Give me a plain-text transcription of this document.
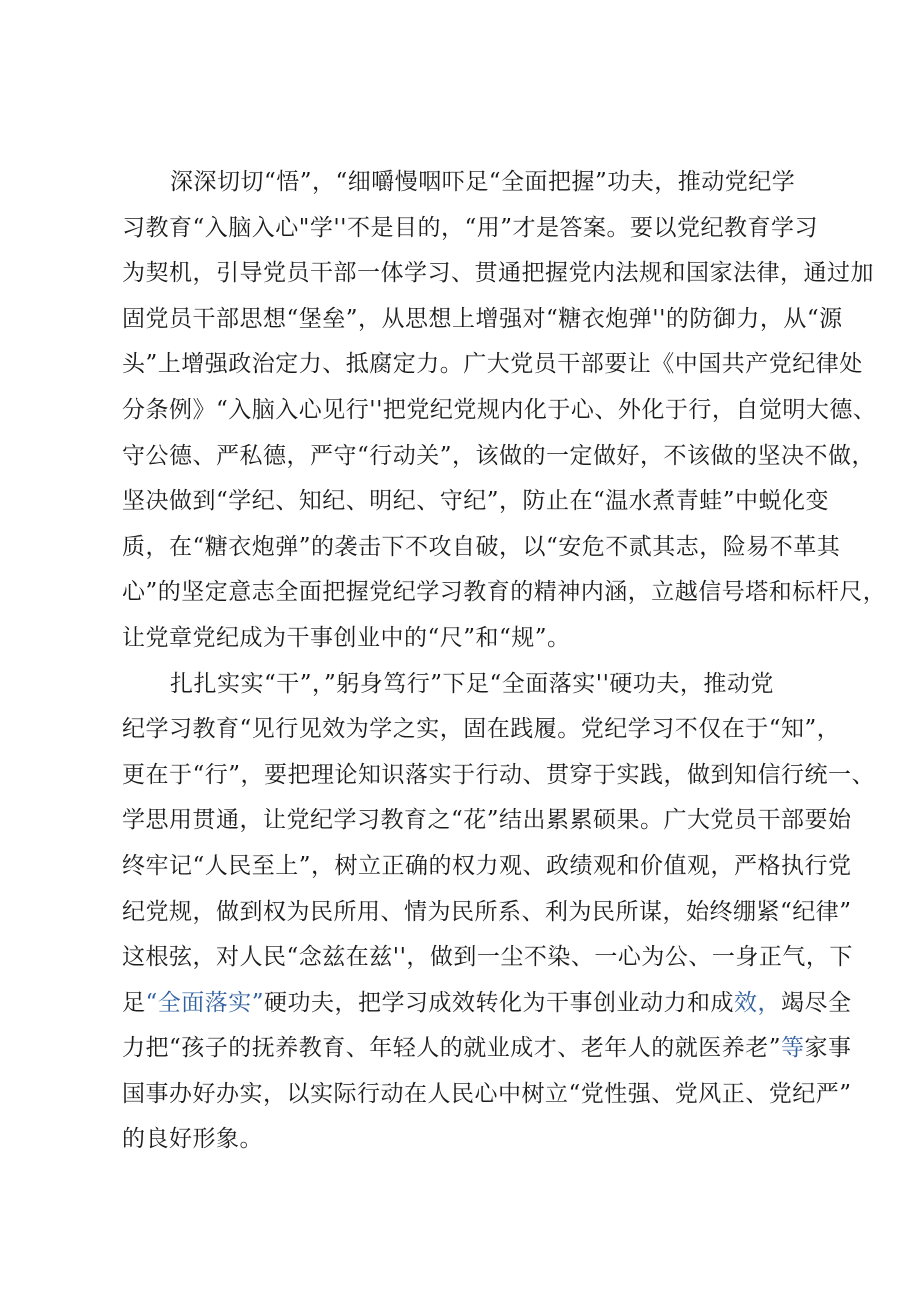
深深切切“悟”，“细嚼慢咽吓足“全面把握”功夫，推动党纪学
习教育“入脑入心"学''不是目的，“用”才是答案。要以党纪教育学习
为契机，引导党员干部一体学习、贯通把握党内法规和国家法律，通过加
固党员干部思想“堡垒”，从思想上增强对“糖衣炮弹''的防御力，从“源
头”上增强政治定力、抵腐定力。广大党员干部要让《中国共产党纪律处
分条例》“入脑入心见行''把党纪党规内化于心、外化于行，自觉明大德、
守公德、严私德，严守“行动关”，该做的一定做好，不该做的坚决不做，
坚决做到“学纪、知纪、明纪、守纪”，防止在“温水煮青蛙”中蜕化变
质，在“糖衣炮弹”的袭击下不攻自破，以“安危不贰其志，险易不革其
心”的坚定意志全面把握党纪学习教育的精神内涵，立越信号塔和标杆尺，
让党章党纪成为干事创业中的“尺”和“规”。
扎扎实实“干”，”躬身笃行”下足“全面落实''硬功夫，推动党
纪学习教育“见行见效为学之实，固在践履。党纪学习不仅在于“知”，
更在于“行”，要把理论知识落实于行动、贯穿于实践，做到知信行统一、
学思用贯通，让党纪学习教育之“花”结出累累硕果。广大党员干部要始
终牢记“人民至上”，树立正确的权力观、政绩观和价值观，严格执行党
纪党规，做到权为民所用、情为民所系、利为民所谋，始终绷紧“纪律”
这根弦，对人民“念兹在兹''，做到一尘不染、一心为公、一身正气，下
足“全面落实”硬功夫，把学习成效转化为干事创业动力和成效，竭尽全
力把“孩子的抚养教育、年轻人的就业成才、老年人的就医养老”等家事
国事办好办实，以实际行动在人民心中树立“党性强、党风正、党纪严”
的良好形象。
